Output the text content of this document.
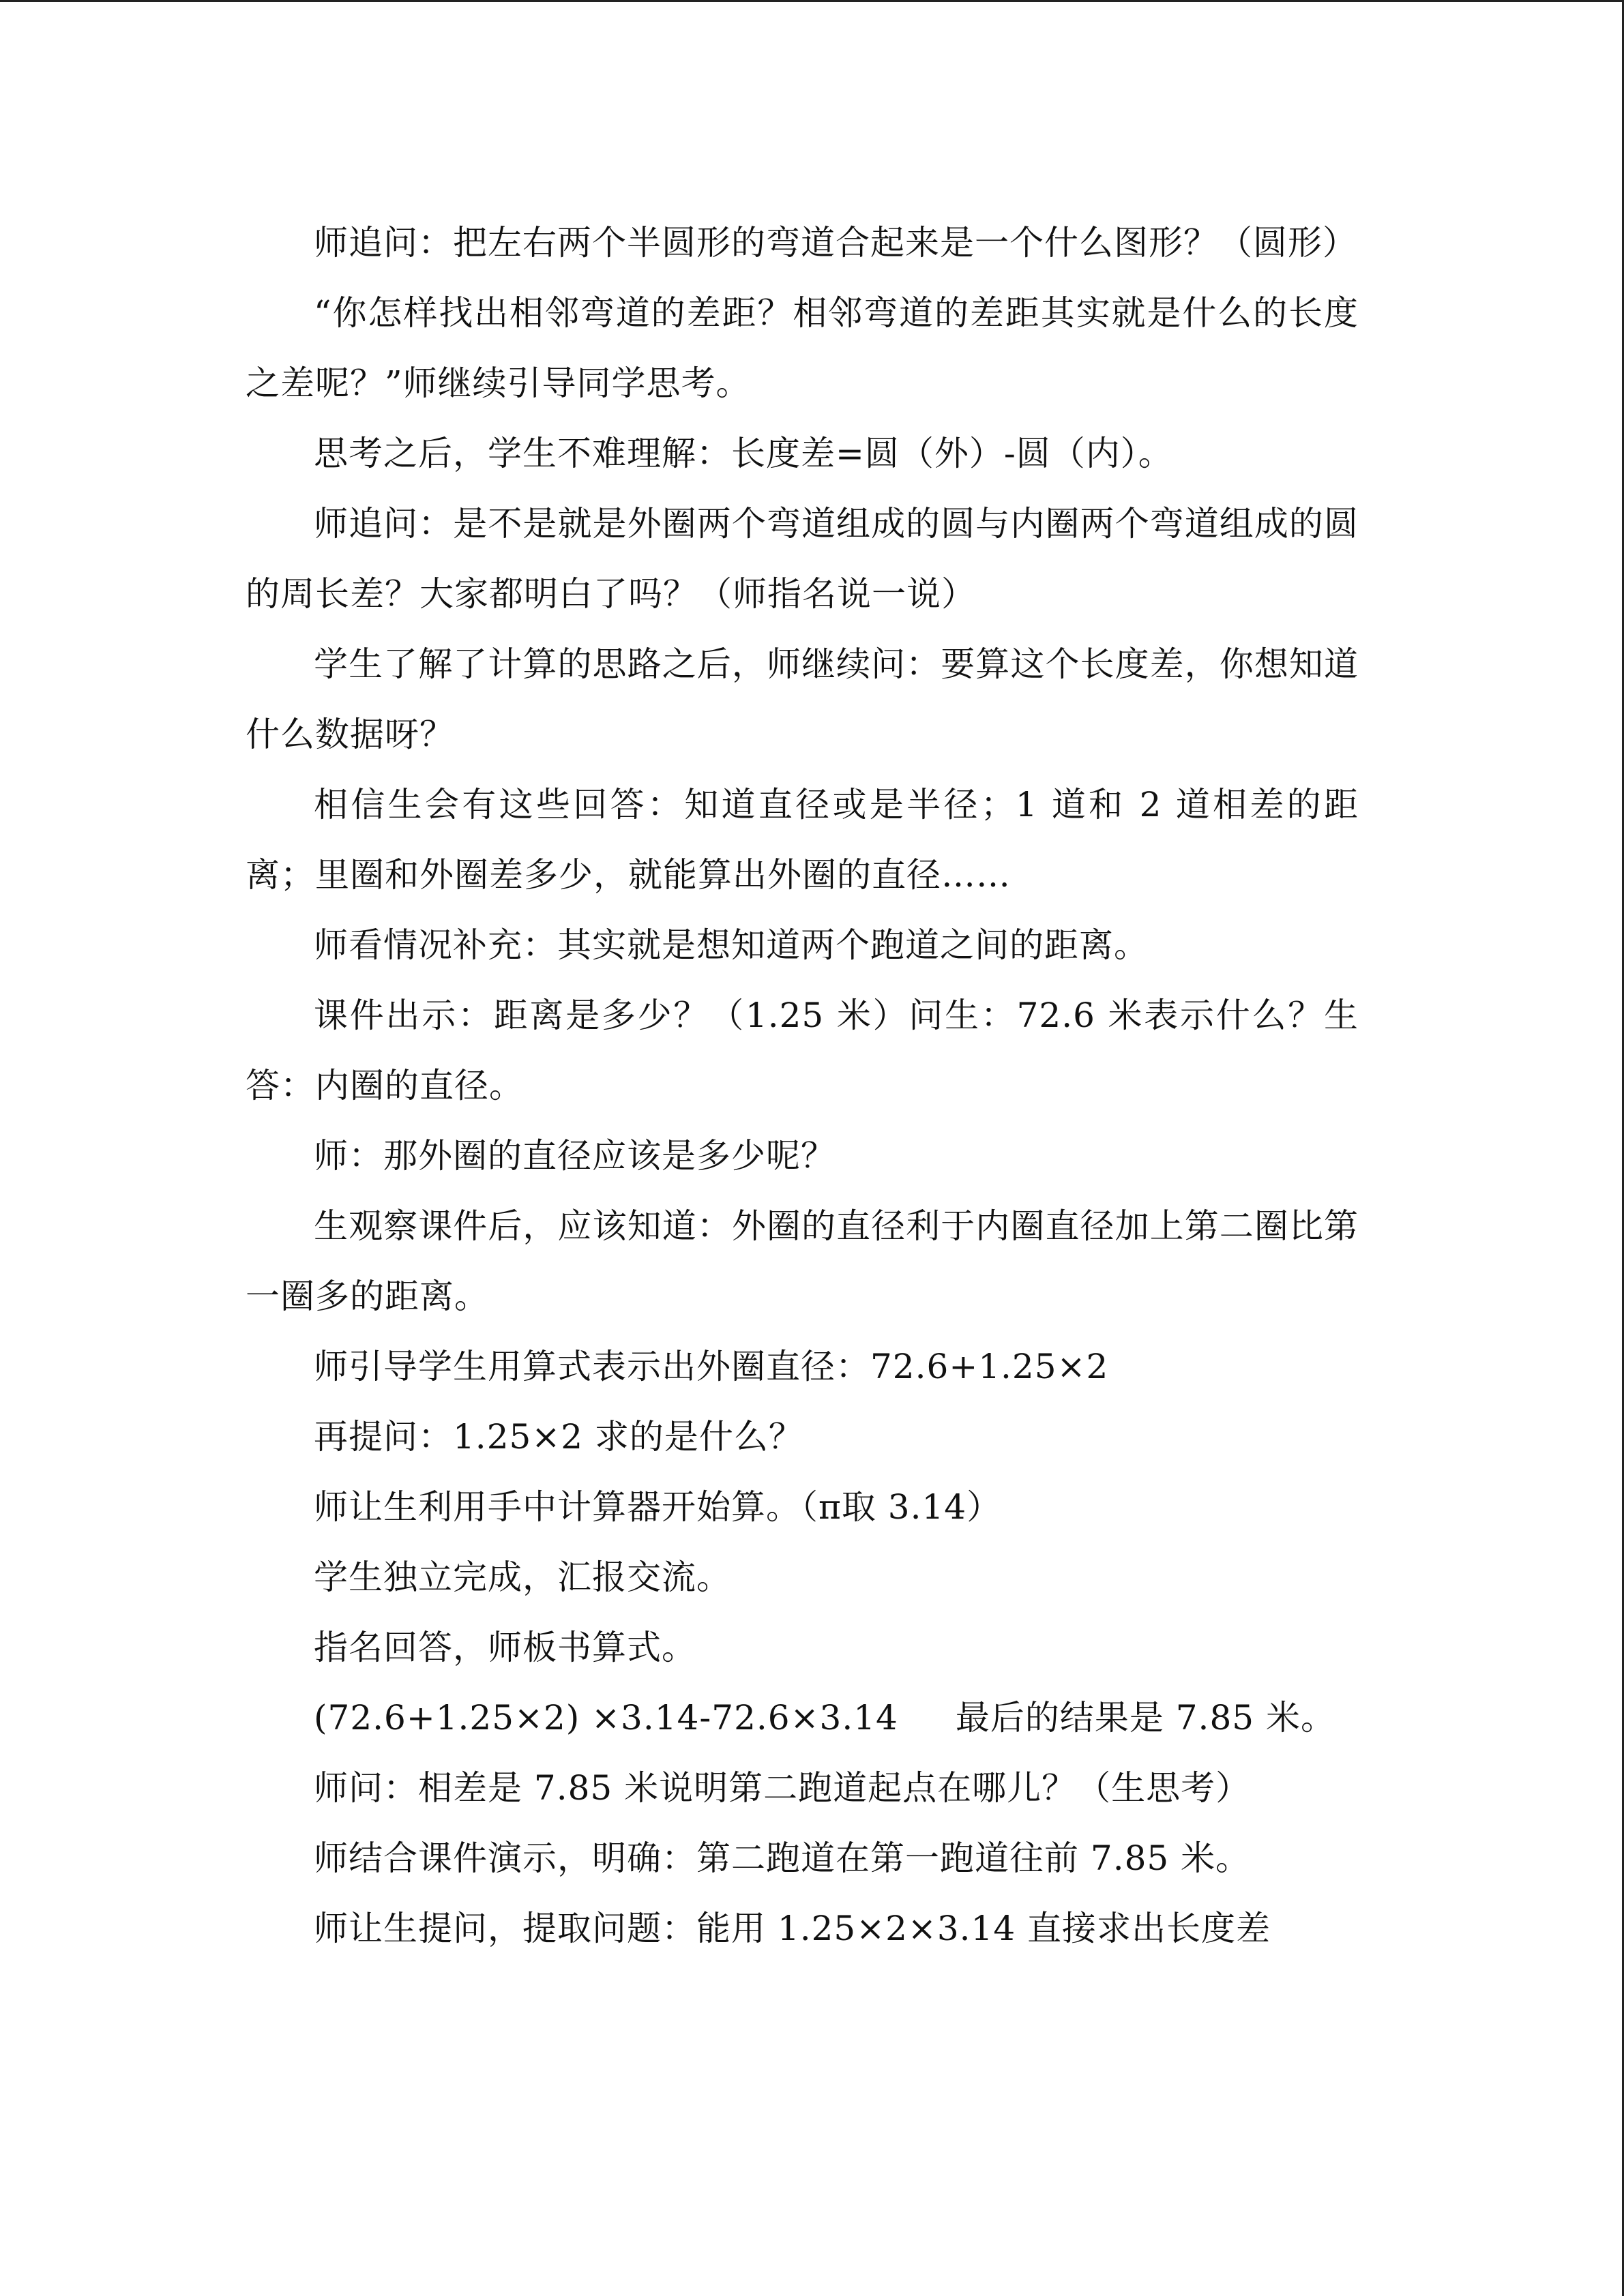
师追问：把左右两个半圆形的弯道合起来是一个什么图形？（圆形）

“你怎样找出相邻弯道的差距？相邻弯道的差距其实就是什么的长度之差呢？”师继续引导同学思考。

思考之后，学生不难理解：长度差=圆（外）-圆（内）。

师追问：是不是就是外圈两个弯道组成的圆与内圈两个弯道组成的圆的周长差？大家都明白了吗？（师指名说一说）

学生了解了计算的思路之后，师继续问：要算这个长度差，你想知道什么数据呀？

相信生会有这些回答：知道直径或是半径；1 道和 2 道相差的距离；里圈和外圈差多少，就能算出外圈的直径……

师看情况补充：其实就是想知道两个跑道之间的距离。

课件出示：距离是多少？（1.25 米）问生：72.6 米表示什么？生答：内圈的直径。

师：那外圈的直径应该是多少呢？

生观察课件后，应该知道：外圈的直径利于内圈直径加上第二圈比第一圈多的距离。

师引导学生用算式表示出外圈直径：72.6+1.25×2

再提问：1.25×2 求的是什么？

师让生利用手中计算器开始算。（π取 3.14）

学生独立完成，汇报交流。

指名回答，师板书算式。

(72.6+1.25×2) ×3.14-72.6×3.14 最后的结果是 7.85 米。

师问：相差是 7.85 米说明第二跑道起点在哪儿？（生思考）

师结合课件演示，明确：第二跑道在第一跑道往前 7.85 米。

师让生提问，提取问题：能用 1.25×2×3.14 直接求出长度差
